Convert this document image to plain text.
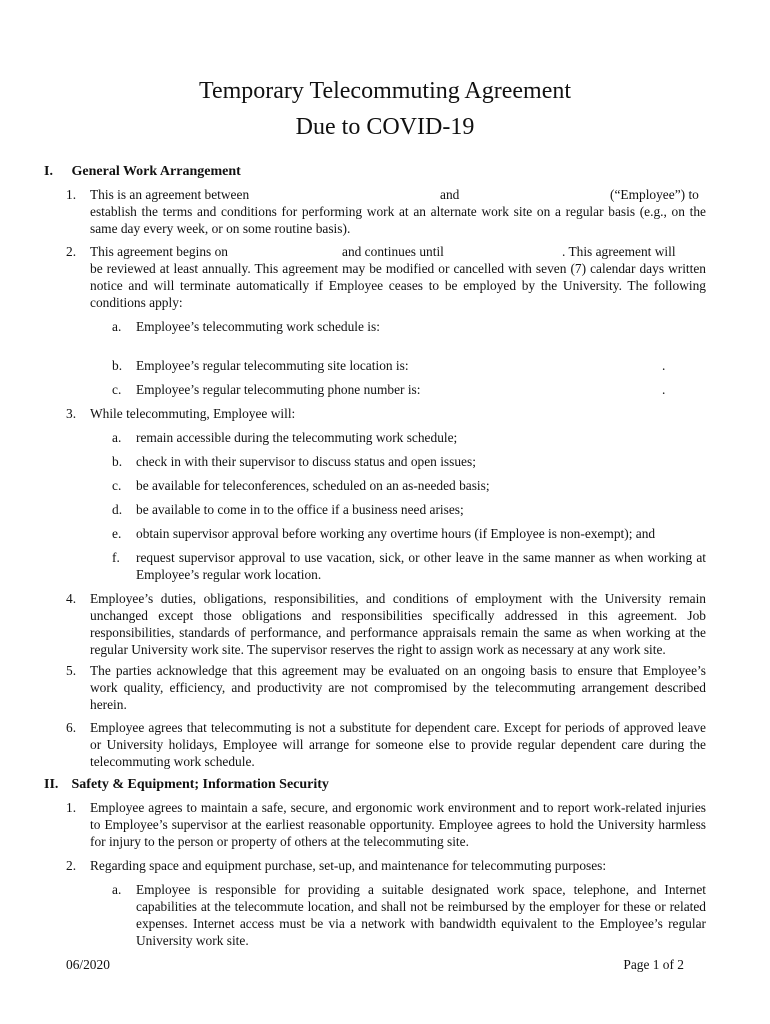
Temporary Telecommuting Agreement
Due to COVID-19
I. General Work Arrangement
1.	This is an agreement between	and	(“Employee”) to
establish the terms and conditions for performing work at an alternate work site on a regular basis (e.g., on the same day every week, or on some routine basis).
2.	This agreement begins on	and continues until	. This agreement will
be reviewed at least annually. This agreement may be modified or cancelled with seven (7) calendar days written notice and will terminate automatically if Employee ceases to be employed by the University. The following conditions apply:
a.	Employee’s telecommuting work schedule is:
b.	Employee’s regular telecommuting site location is:	.
c.	Employee’s regular telecommuting phone number is:	.
3.	While telecommuting, Employee will:
a.	remain accessible during the telecommuting work schedule;
b.	check in with their supervisor to discuss status and open issues;
c.	be available for teleconferences, scheduled on an as-needed basis;
d.	be available to come in to the office if a business need arises;
e.	obtain supervisor approval before working any overtime hours (if Employee is non-exempt); and
f.	request supervisor approval to use vacation, sick, or other leave in the same manner as when working at Employee’s regular work location.
4.	Employee’s duties, obligations, responsibilities, and conditions of employment with the University remain unchanged except those obligations and responsibilities specifically addressed in this agreement. Job responsibilities, standards of performance, and performance appraisals remain the same as when working at the regular University work site. The supervisor reserves the right to assign work as necessary at any work site.
5.	The parties acknowledge that this agreement may be evaluated on an ongoing basis to ensure that Employee’s work quality, efficiency, and productivity are not compromised by the telecommuting arrangement described herein.
6.	Employee agrees that telecommuting is not a substitute for dependent care. Except for periods of approved leave or University holidays, Employee will arrange for someone else to provide regular dependent care during the telecommuting work schedule.
II. Safety & Equipment; Information Security
1.	Employee agrees to maintain a safe, secure, and ergonomic work environment and to report work-related injuries to Employee’s supervisor at the earliest reasonable opportunity. Employee agrees to hold the University harmless for injury to the person or property of others at the telecommuting site.
2.	Regarding space and equipment purchase, set-up, and maintenance for telecommuting purposes:
a.	Employee is responsible for providing a suitable designated work space, telephone, and Internet capabilities at the telecommute location, and shall not be reimbursed by the employer for these or related expenses. Internet access must be via a network with bandwidth equivalent to the Employee’s regular University work site.
06/2020	Page 1 of 2
